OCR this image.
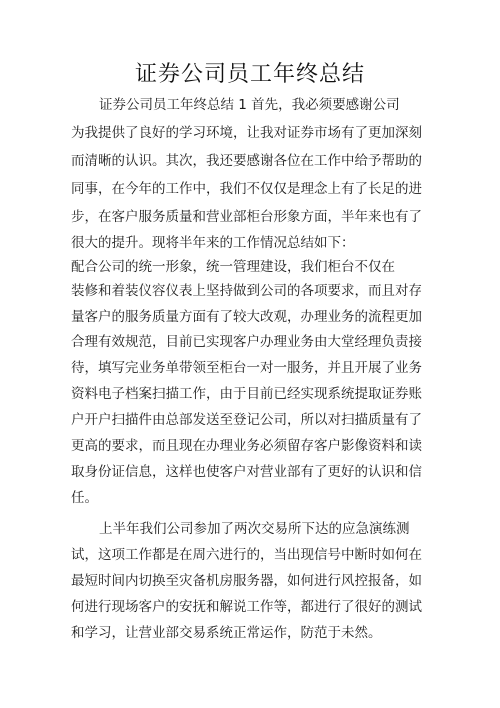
证券公司员工年终总结
证券公司员工年终总结 1 首先，我必须要感谢公司
为我提供了良好的学习环境，让我对证券市场有了更加深刻
而清晰的认识。其次，我还要感谢各位在工作中给予帮助的
同事，在今年的工作中，我们不仅仅是理念上有了长足的进
步，在客户服务质量和营业部柜台形象方面，半年来也有了
很大的提升。现将半年来的工作情况总结如下：
配合公司的统一形象，统一管理建设，我们柜台不仅在
装修和着装仪容仪表上坚持做到公司的各项要求，而且对存
量客户的服务质量方面有了较大改观，办理业务的流程更加
合理有效规范，目前已实现客户办理业务由大堂经理负责接
待，填写完业务单带领至柜台一对一服务，并且开展了业务
资料电子档案扫描工作，由于目前已经实现系统提取证券账
户开户扫描件由总部发送至登记公司，所以对扫描质量有了
更高的要求，而且现在办理业务必须留存客户影像资料和读
取身份证信息，这样也使客户对营业部有了更好的认识和信
任。
上半年我们公司参加了两次交易所下达的应急演练测
试，这项工作都是在周六进行的，当出现信号中断时如何在
最短时间内切换至灾备机房服务器，如何进行风控报备，如
何进行现场客户的安抚和解说工作等，都进行了很好的测试
和学习，让营业部交易系统正常运作，防范于未然。
